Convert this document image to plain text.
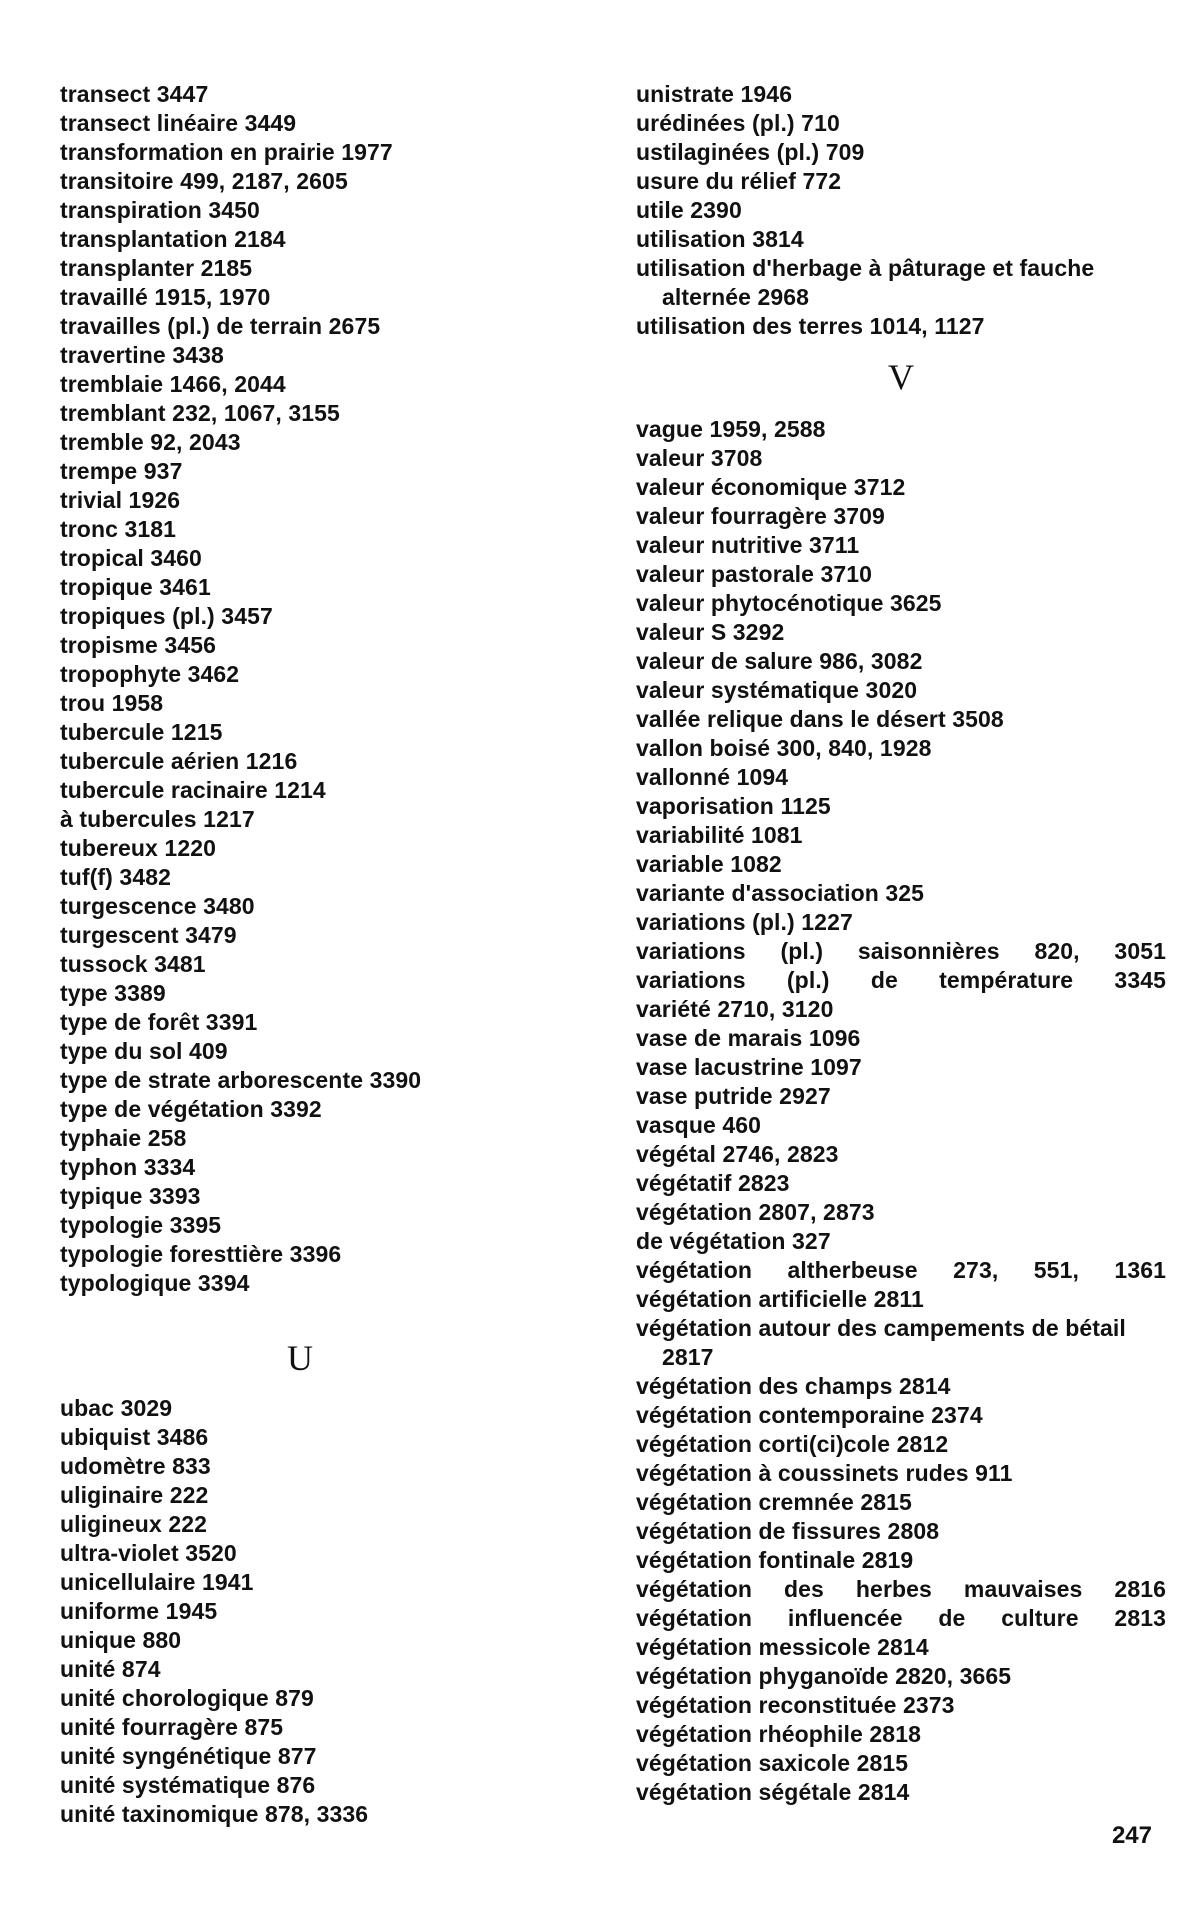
transect 3447
transect linéaire 3449
transformation en prairie 1977
transitoire 499, 2187, 2605
transpiration 3450
transplantation 2184
transplanter 2185
travaillé 1915, 1970
travailles (pl.) de terrain 2675
travertine 3438
tremblaie 1466, 2044
tremblant 232, 1067, 3155
tremble 92, 2043
trempe 937
trivial 1926
tronc 3181
tropical 3460
tropique 3461
tropiques (pl.) 3457
tropisme 3456
tropophyte 3462
trou 1958
tubercule 1215
tubercule aérien 1216
tubercule racinaire 1214
à tubercules 1217
tubereux 1220
tuf(f) 3482
turgescence 3480
turgescent 3479
tussock 3481
type 3389
type de forêt 3391
type du sol 409
type de strate arborescente 3390
type de végétation 3392
typhaie 258
typhon 3334
typique 3393
typologie 3395
typologie foresttière 3396
typologique 3394
U
ubac 3029
ubiquist 3486
udomètre 833
uliginaire 222
uligineux 222
ultra-violet 3520
unicellulaire 1941
uniforme 1945
unique 880
unité 874
unité chorologique 879
unité fourragère 875
unité syngénétique 877
unité systématique 876
unité taxinomique 878, 3336
unistrate 1946
urédinées (pl.) 710
ustilaginées (pl.) 709
usure du rélief 772
utile 2390
utilisation 3814
utilisation d'herbage à pâturage et fauche alternée 2968
utilisation des terres 1014, 1127
V
vague 1959, 2588
valeur 3708
valeur économique 3712
valeur fourragère 3709
valeur nutritive 3711
valeur pastorale 3710
valeur phytocénotique 3625
valeur S 3292
valeur de salure 986, 3082
valeur systématique 3020
vallée relique dans le désert 3508
vallon boisé 300, 840, 1928
vallonné 1094
vaporisation 1125
variabilité 1081
variable 1082
variante d'association 325
variations (pl.) 1227
variations (pl.) saisonnières 820, 3051
variations (pl.) de température 3345
variété 2710, 3120
vase de marais 1096
vase lacustrine 1097
vase putride 2927
vasque 460
végétal 2746, 2823
végétatif 2823
végétation 2807, 2873
de végétation 327
végétation altherbeuse 273, 551, 1361
végétation artificielle 2811
végétation autour des campements de bétail 2817
végétation des champs 2814
végétation contemporaine 2374
végétation corti(ci)cole 2812
végétation à coussinets rudes 911
végétation cremnée 2815
végétation de fissures 2808
végétation fontinale 2819
végétation des herbes mauvaises 2816
végétation influencée de culture 2813
végétation messicole 2814
végétation phyganoïde 2820, 3665
végétation reconstituée 2373
végétation rhéophile 2818
végétation saxicole 2815
végétation ségétale 2814
247
